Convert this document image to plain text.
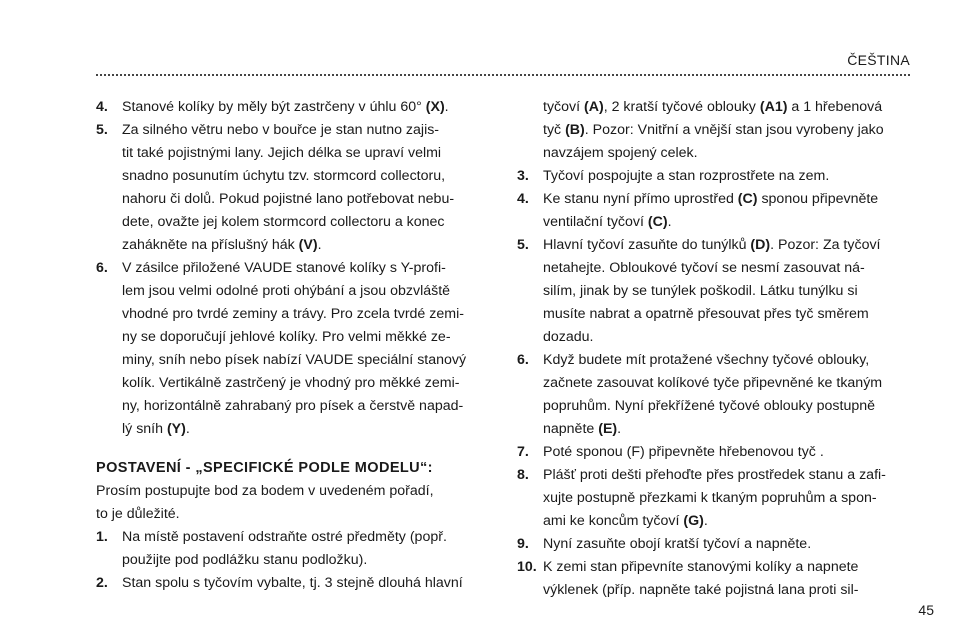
ČEŠTINA
4. Stanové kolíky by měly být zastrčeny v úhlu 60° (X).
5. Za silného větru nebo v bouřce je stan nutno zajis-
tit také pojistnými lany. Jejich délka se upraví velmi
snadno posunutím úchytu tzv. stormcord collectoru,
nahoru či dolů. Pokud pojistné lano potřebovat nebu-
dete, ovažte jej kolem stormcord collectoru a konec
zahákněte na příslušný hák (V).
6. V zásilce přiložené VAUDE stanové kolíky s Y-profi-
lem jsou velmi odolné proti ohýbání a jsou obzvláště
vhodné pro tvrdé zeminy a trávy. Pro zcela tvrdé zemi-
ny se doporučují jehlové kolíky. Pro velmi měkké ze-
miny, sníh nebo písek nabízí VAUDE speciální stanový
kolík. Vertikálně zastrčený je vhodný pro měkké zemi-
ny, horizontálně zahrabaný pro písek a čerstvě napad-
lý sníh (Y).
POSTAVENÍ - „SPECIFICKÉ PODLE MODELU“:
Prosím postupujte bod za bodem v uvedeném pořadí,
to je důležité.
1. Na místě postavení odstraňte ostré předměty (popř.
použijte pod podlážku stanu podložku).
2. Stan spolu s tyčovím vybalte, tj. 3 stejně dlouhá hlavní
tyčoví (A), 2 kratší tyčové oblouky (A1) a 1 hřebenová
tyč (B). Pozor: Vnitřní a vnější stan jsou vyrobeny jako
navzájem spojený celek.
3. Tyčoví pospojujte a stan rozprostřete na zem.
4. Ke stanu nyní přímo uprostřed (C) sponou připevněte
ventilační tyčoví (C).
5. Hlavní tyčoví zasuňte do tunýlků (D). Pozor: Za tyčoví
netahejte. Obloukové tyčoví se nesmí zasouvat ná-
silím, jinak by se tunýlek poškodil. Látku tunýlku si
musíte nabrat a opatrně přesouvat přes tyč směrem
dozadu.
6. Když budete mít protažené všechny tyčové oblouky,
začnete zasouvat kolíkové tyče připevněné ke tkaným
popruhům. Nyní překřížené tyčové oblouky postupně
napněte (E).
7. Poté sponou (F) připevněte hřebenovou tyč .
8. Plášť proti dešti přehoďte přes prostředek stanu a zafi-
xujte postupně přezkami k tkaným popruhům a spon-
ami ke koncům tyčoví (G).
9. Nyní zasuňte obojí kratší tyčoví a napněte.
10. K zemi stan připevníte stanovými kolíky a napnete
výklenek (příp. napněte také pojistná lana proti sil-
45
